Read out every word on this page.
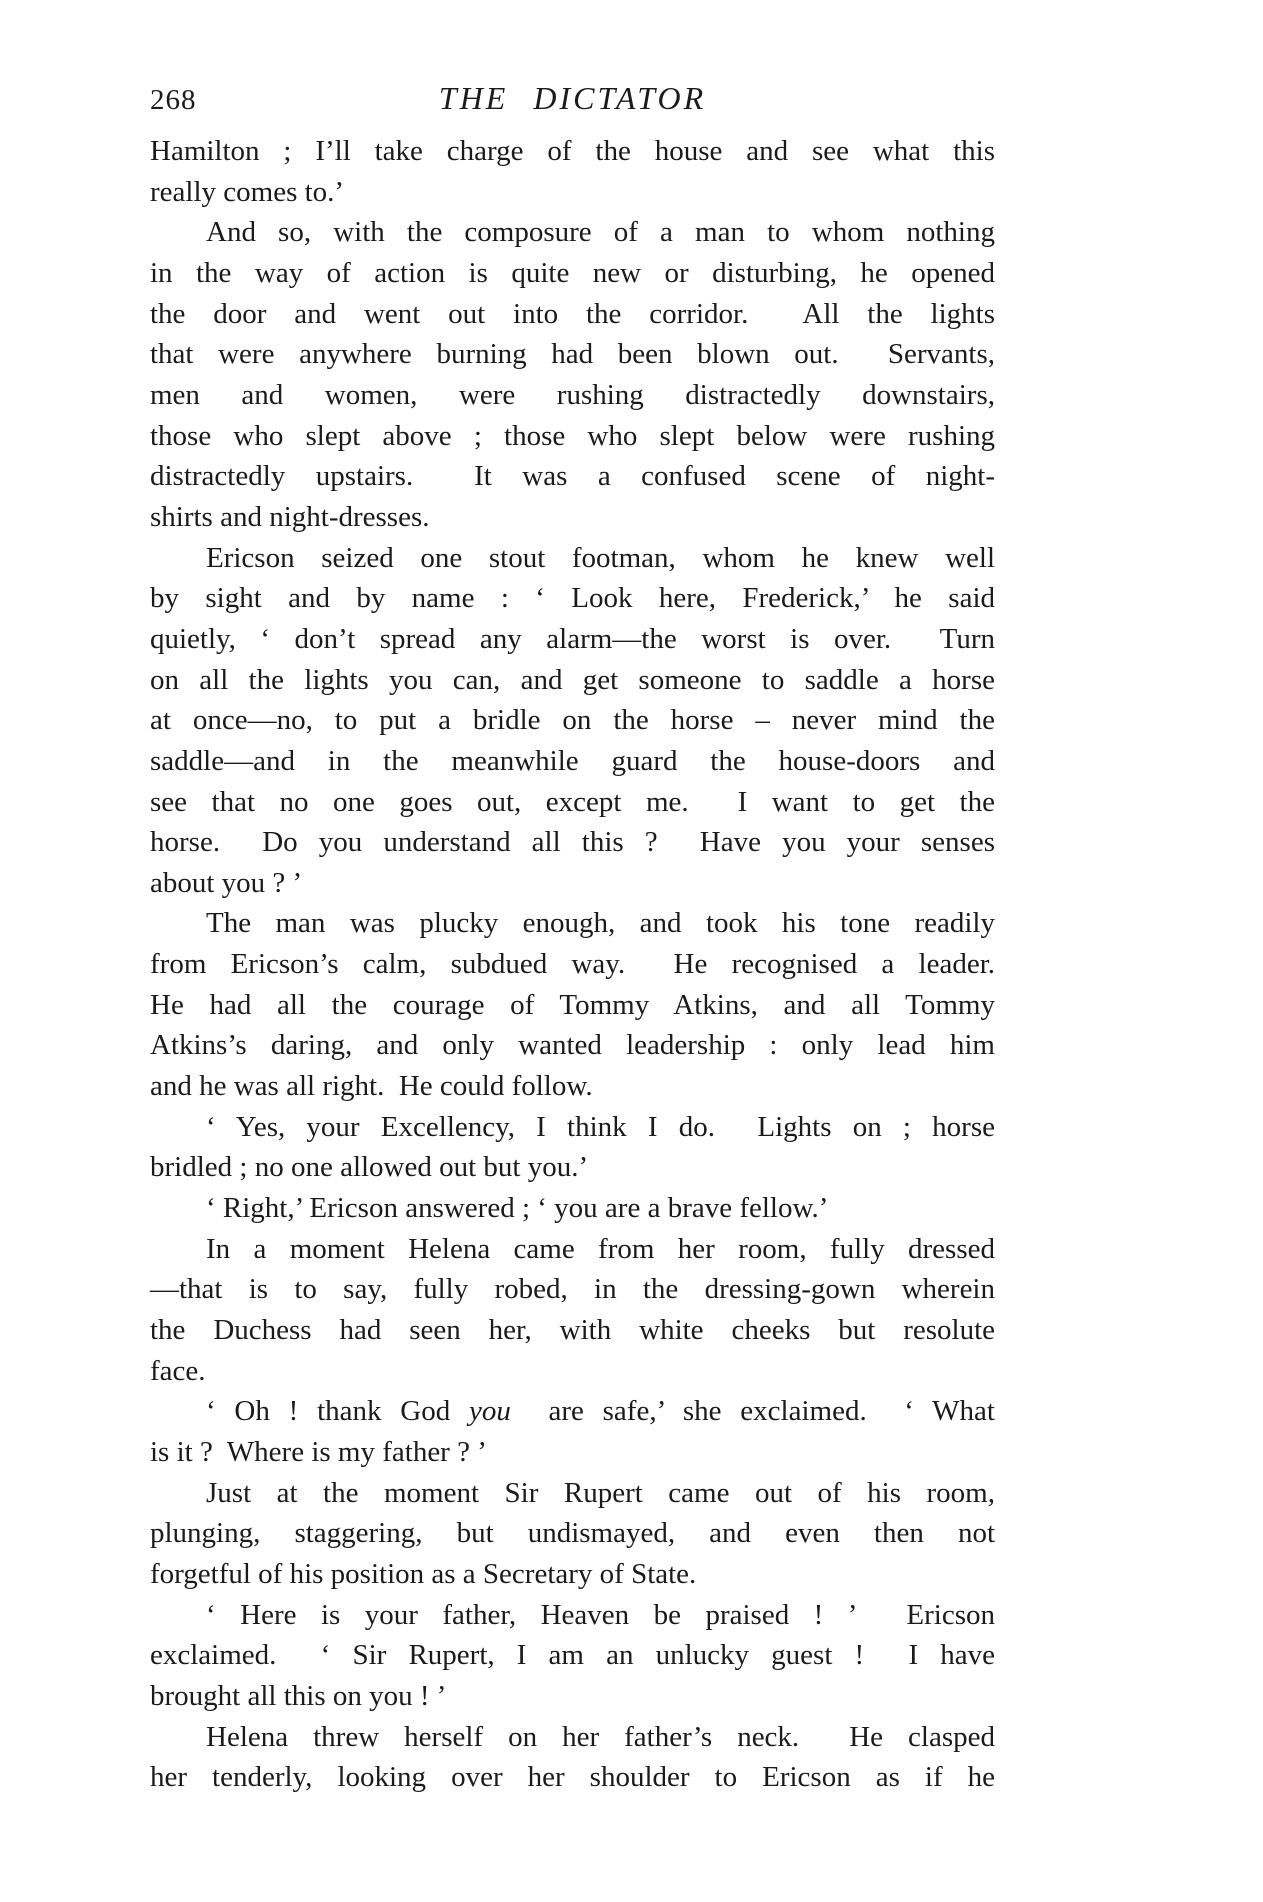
268	THE DICTATOR
Hamilton ; I’ll take charge of the house and see what this
really comes to.’
And so, with the composure of a man to whom nothing
in the way of action is quite new or disturbing, he opened
the door and went out into the corridor.  All the lights
that were anywhere burning had been blown out.  Servants,
men and women, were rushing distractedly downstairs,
those who slept above ; those who slept below were rushing
distractedly upstairs.  It was a confused scene of night-
shirts and night-dresses.
Ericson seized one stout footman, whom he knew well
by sight and by name : ‘ Look here, Frederick,’ he said
quietly, ‘ don’t spread any alarm—the worst is over.  Turn
on all the lights you can, and get someone to saddle a horse
at once—no, to put a bridle on the horse – never mind the
saddle—and in the meanwhile guard the house-doors and
see that no one goes out, except me.  I want to get the
horse.  Do you understand all this ?  Have you your senses
about you ? ’
The man was plucky enough, and took his tone readily
from Ericson’s calm, subdued way.  He recognised a leader.
He had all the courage of Tommy Atkins, and all Tommy
Atkins’s daring, and only wanted leadership : only lead him
and he was all right.  He could follow.
‘ Yes, your Excellency, I think I do.  Lights on ; horse
bridled ; no one allowed out but you.’
‘ Right,’ Ericson answered ; ‘ you are a brave fellow.’
In a moment Helena came from her room, fully dressed
—that is to say, fully robed, in the dressing-gown wherein
the Duchess had seen her, with white cheeks but resolute
face.
‘ Oh ! thank God you  are safe,’ she exclaimed.  ‘ What
is it ?  Where is my father ? ’
Just at the moment Sir Rupert came out of his room,
plunging, staggering, but undismayed, and even then not
forgetful of his position as a Secretary of State.
‘ Here is your father, Heaven be praised ! ’  Ericson
exclaimed.  ‘ Sir Rupert, I am an unlucky guest !  I have
brought all this on you ! ’
Helena threw herself on her father’s neck.  He clasped
her tenderly, looking over her shoulder to Ericson as if he
